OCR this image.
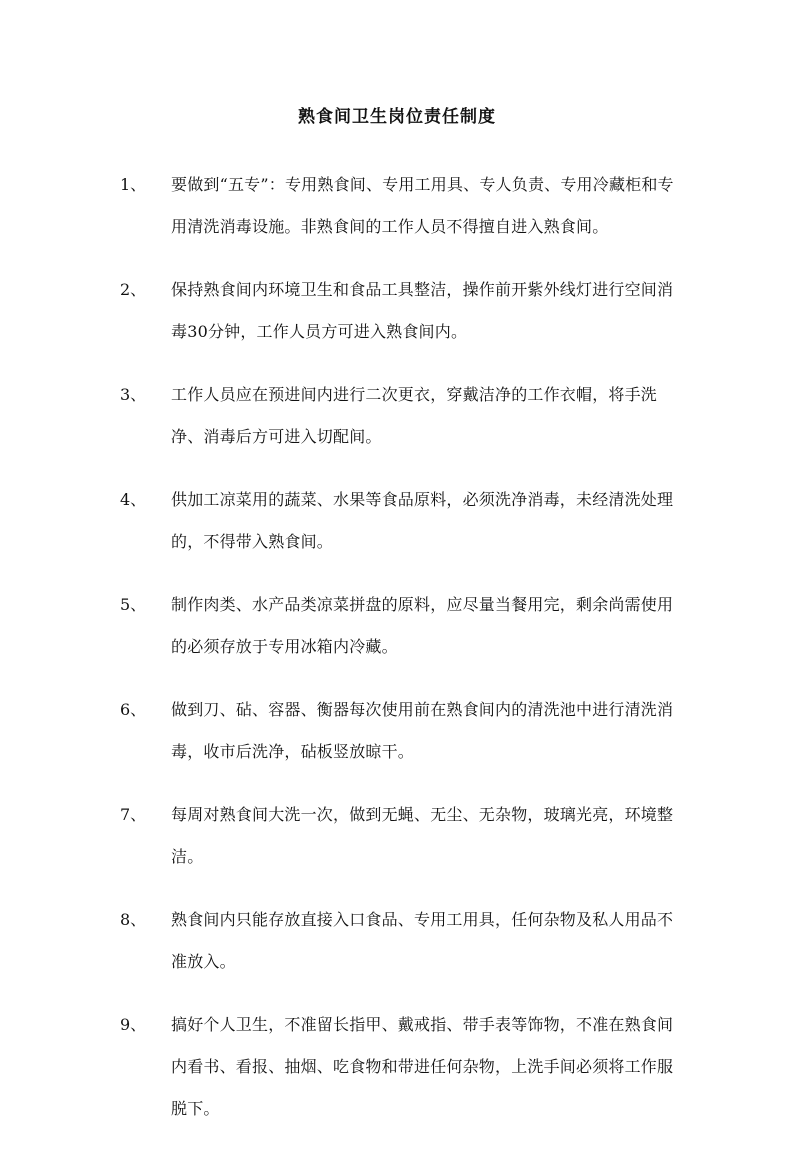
熟食间卫生岗位责任制度
1、	要做到“五专”：专用熟食间、专用工用具、专人负责、专用冷藏柜和专用清洗消毒设施。非熟食间的工作人员不得擅自进入熟食间。
2、	保持熟食间内环境卫生和食品工具整洁，操作前开紫外线灯进行空间消毒30分钟，工作人员方可进入熟食间内。
3、	工作人员应在预进间内进行二次更衣，穿戴洁净的工作衣帽，将手洗净、消毒后方可进入切配间。
4、	供加工凉菜用的蔬菜、水果等食品原料，必须洗净消毒，未经清洗处理的，不得带入熟食间。
5、	制作肉类、水产品类凉菜拼盘的原料，应尽量当餐用完，剩余尚需使用的必须存放于专用冰箱内冷藏。
6、	做到刀、砧、容器、衡器每次使用前在熟食间内的清洗池中进行清洗消毒，收市后洗净，砧板竖放晾干。
7、	每周对熟食间大洗一次，做到无蝇、无尘、无杂物，玻璃光亮，环境整洁。
8、	熟食间内只能存放直接入口食品、专用工用具，任何杂物及私人用品不准放入。
9、	搞好个人卫生，不准留长指甲、戴戒指、带手表等饰物，不准在熟食间内看书、看报、抽烟、吃食物和带进任何杂物，上洗手间必须将工作服脱下。
